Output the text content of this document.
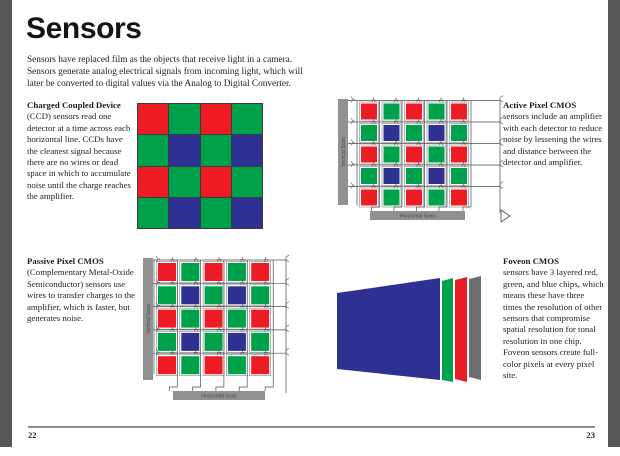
Sensors
Sensors have replaced film as the objects that receive light in a camera. Sensors generate analog electrical signals from incoming light, which will later be converted to digital values via the Analog to Digital Converter.
Charged Coupled Device
(CCD) sensors read one detector at a time across each horizontal line. CCDs have the cleanest signal because there are no wires or dead space in which to accumulate noise until the charge reaches the amplifier.
Vertical Scan
Horizontal Scan
Active Pixel CMOS
sensors include an amplifier with each detector to reduce noise by lessening the wires and distance between the detector and amplifier.
Passive Pixel CMOS
(Complementary Metal-Oxide Semiconductor) sensors use wires to transfer charges to the amplifier, which is faster, but generates noise.	Vertical Scan
Horizontal Scan
Foveon CMOS
sensors have 3 layered red, green, and blue chips, which means these have three times the resolution of other sensors that compromise spatial resolution for tonal resolution in one chip. Foveon sensors create full-color pixels at every pixel site.
22	23
